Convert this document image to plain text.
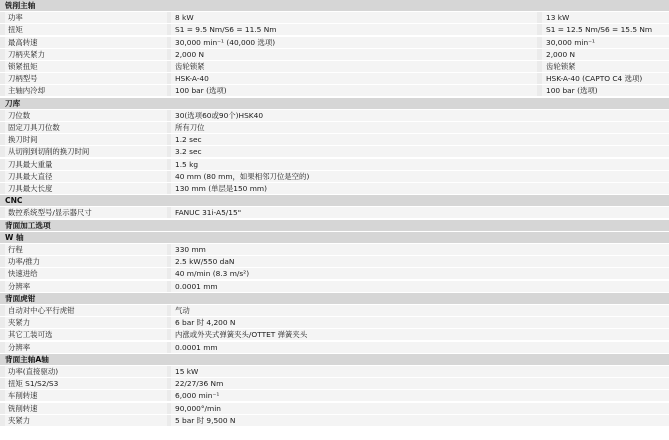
铣削主轴
功率	8 kW	13 kW
扭矩	S1 = 9.5 Nm/S6 = 11.5 Nm	S1 = 12.5 Nm/S6 = 15.5 Nm
最高转速	30,000 min⁻¹ (40,000 选项)	30,000 min⁻¹
刀柄夹紧力	2,000 N	2,000 N
锁紧扭矩	齿轮锁紧	齿轮锁紧
刀柄型号	HSK-A-40	HSK-A-40 (CAPTO C4 选项)
主轴内冷却	100 bar (选项)	100 bar (选项)
刀库
刀位数	30(选项60或90个)HSK40
固定刀具刀位数	所有刀位
换刀时间	1.2 sec
从切削到切削的换刀时间	3.2 sec
刀具最大重量	1.5 kg
刀具最大直径	40 mm (80 mm，如果相邻刀位是空的)
刀具最大长度	130 mm (单层是150 mm)
CNC
数控系统型号/显示器尺寸	FANUC 31i-A5/15"
背面加工选项
W 轴
行程	330 mm
功率/推力	2.5 kW/550 daN
快速进给	40 m/min (8.3 m/s²)
分辨率	0.0001 mm
背面虎钳
自动对中心平行虎钳	气动
夹紧力	6 bar 时 4,200 N
其它工装可选	内涨或外夹式弹簧夹头/OTTET 弹簧夹头
分辨率	0.0001 mm
背面主轴A轴
功率(直接驱动)	15 kW
扭矩 S1/S2/S3	22/27/36 Nm
车削转速	6,000 min⁻¹
铣削转速	90,000°/min
夹紧力	5 bar 时 9,500 N
